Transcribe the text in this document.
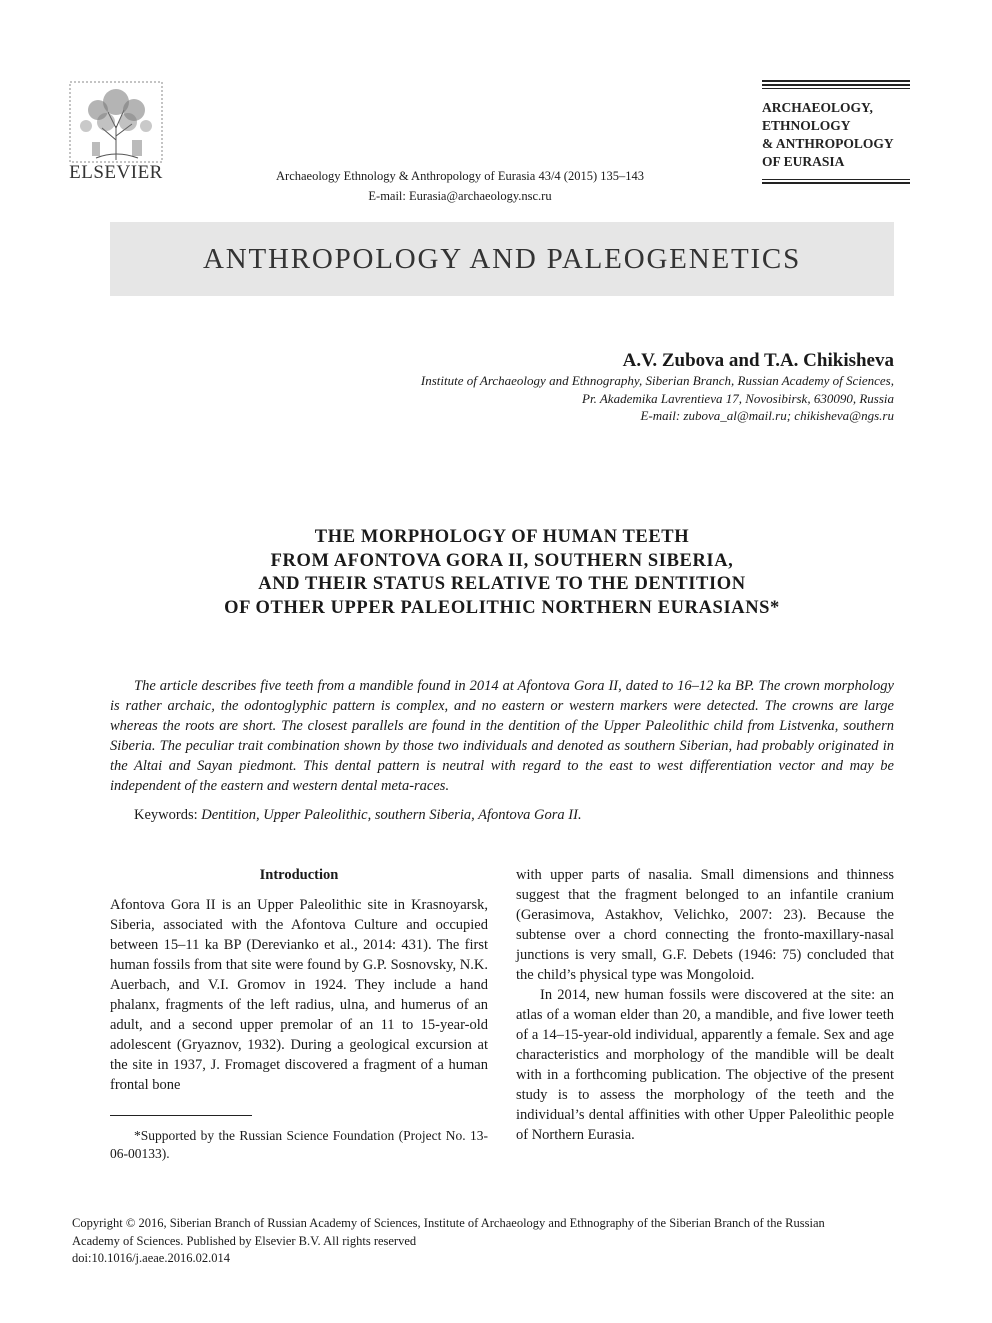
ELSEVIER	Archaeology Ethnology & Anthropology of Eurasia 43/4 (2015) 135–143
E-mail: Eurasia@archaeology.nsc.ru
ARCHAEOLOGY,
ETHNOLOGY
& ANTHROPOLOGY
OF EURASIA
ANTHROPOLOGY AND PALEOGENETICS
A.V. Zubova and T.A. Chikisheva
Institute of Archaeology and Ethnography, Siberian Branch, Russian Academy of Sciences,
Pr. Akademika Lavrentieva 17, Novosibirsk, 630090, Russia
E-mail: zubova_al@mail.ru; chikisheva@ngs.ru
THE MORPHOLOGY OF HUMAN TEETH
FROM AFONTOVA GORA II, SOUTHERN SIBERIA,
AND THEIR STATUS RELATIVE TO THE DENTITION
OF OTHER UPPER PALEOLITHIC NORTHERN EURASIANS*
The article describes five teeth from a mandible found in 2014 at Afontova Gora II, dated to 16–12 ka BP. The crown morphology is rather archaic, the odontoglyphic pattern is complex, and no eastern or western markers were detected. The crowns are large whereas the roots are short. The closest parallels are found in the dentition of the Upper Paleolithic child from Listvenka, southern Siberia. The peculiar trait combination shown by those two individuals and denoted as southern Siberian, had probably originated in the Altai and Sayan piedmont. This dental pattern is neutral with regard to the east to west differentiation vector and may be independent of the eastern and western dental meta-races.
Keywords: Dentition, Upper Paleolithic, southern Siberia, Afontova Gora II.
Introduction

Afontova Gora II is an Upper Paleolithic site in Krasnoyarsk, Siberia, associated with the Afontova Culture and occupied between 15–11 ka BP (Derevianko et al., 2014: 431). The first human fossils from that site were found by G.P. Sosnovsky, N.K. Auerbach, and V.I. Gromov in 1924. They include a hand phalanx, fragments of the left radius, ulna, and humerus of an adult, and a second upper premolar of an 11 to 15-year-old adolescent (Gryaznov, 1932). During a geological excursion at the site in 1937, J. Fromaget discovered a fragment of a human frontal bone

*Supported by the Russian Science Foundation (Project No. 13-06-00133).

with upper parts of nasalia. Small dimensions and thinness suggest that the fragment belonged to an infantile cranium (Gerasimova, Astakhov, Velichko, 2007: 23). Because the subtense over a chord connecting the fronto-maxillary-nasal junctions is very small, G.F. Debets (1946: 75) concluded that the child’s physical type was Mongoloid.

In 2014, new human fossils were discovered at the site: an atlas of a woman elder than 20, a mandible, and five lower teeth of a 14–15-year-old individual, apparently a female. Sex and age characteristics and morphology of the mandible will be dealt with in a forthcoming publication. The objective of the present study is to assess the morphology of the teeth and the individual’s dental affinities with other Upper Paleolithic people of Northern Eurasia.

Copyright © 2016, Siberian Branch of Russian Academy of Sciences, Institute of Archaeology and Ethnography of the Siberian Branch of the Russian
Academy of Sciences. Published by Elsevier B.V. All rights reserved
doi:10.1016/j.aeae.2016.02.014
